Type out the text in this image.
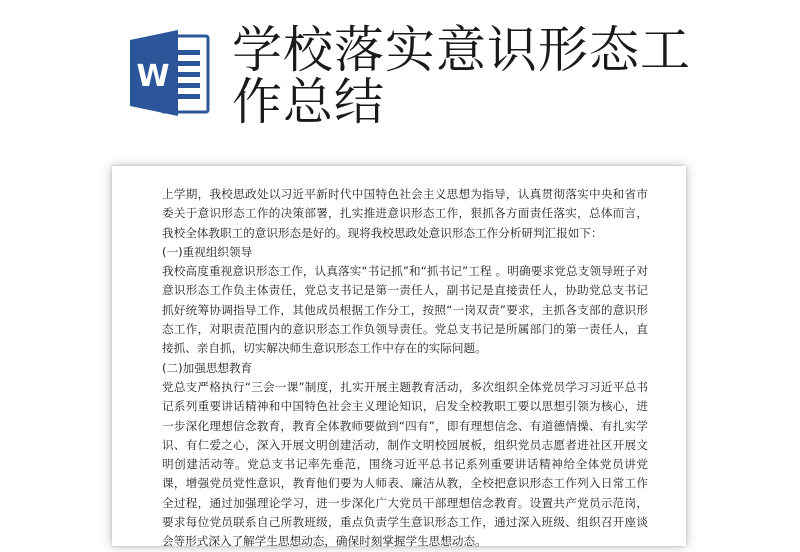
W 学校落实意识形态工作总结

上学期，我校思政处以习近平新时代中国特色社会主义思想为指导，认真贯彻落实中央和省市委关于意识形态工作的决策部署，扎实推进意识形态工作，狠抓各方面责任落实，总体而言，我校全体教职工的意识形态是好的。现将我校思政处意识形态工作分析研判汇报如下：

(一)重视组织领导

我校高度重视意识形态工作，认真落实“书记抓”和“抓书记”工程 。明确要求党总支领导班子对意识形态工作负主体责任，党总支书记是第一责任人，副书记是直接责任人，协助党总支书记抓好统筹协调指导工作，其他成员根据工作分工，按照“一岗双责”要求，主抓各支部的意识形态工作，对职责范围内的意识形态工作负领导责任。党总支书记是所属部门的第一责任人，直接抓、亲自抓，切实解决师生意识形态工作中存在的实际问题。

(二)加强思想教育

党总支严格执行“三会一课”制度，扎实开展主题教育活动，多次组织全体党员学习习近平总书记系列重要讲话精神和中国特色社会主义理论知识，启发全校教职工要以思想引领为核心，进一步深化理想信念教育，教育全体教师要做到“四有”，即有理想信念、有道德情操、有扎实学识、有仁爱之心，深入开展文明创建活动，制作文明校园展板，组织党员志愿者进社区开展文明创建活动等。党总支书记率先垂范，围绕习近平总书记系列重要讲话精神给全体党员讲党课，增强党员党性意识，教育他们要为人师表、廉洁从教，全校把意识形态工作列入日常工作全过程，通过加强理论学习，进一步深化广大党员干部理想信念教育。设置共产党员示范岗，要求每位党员联系自己所教班级，重点负责学生意识形态工作，通过深入班级、组织召开座谈会等形式深入了解学生思想动态，确保时刻掌握学生思想动态。
